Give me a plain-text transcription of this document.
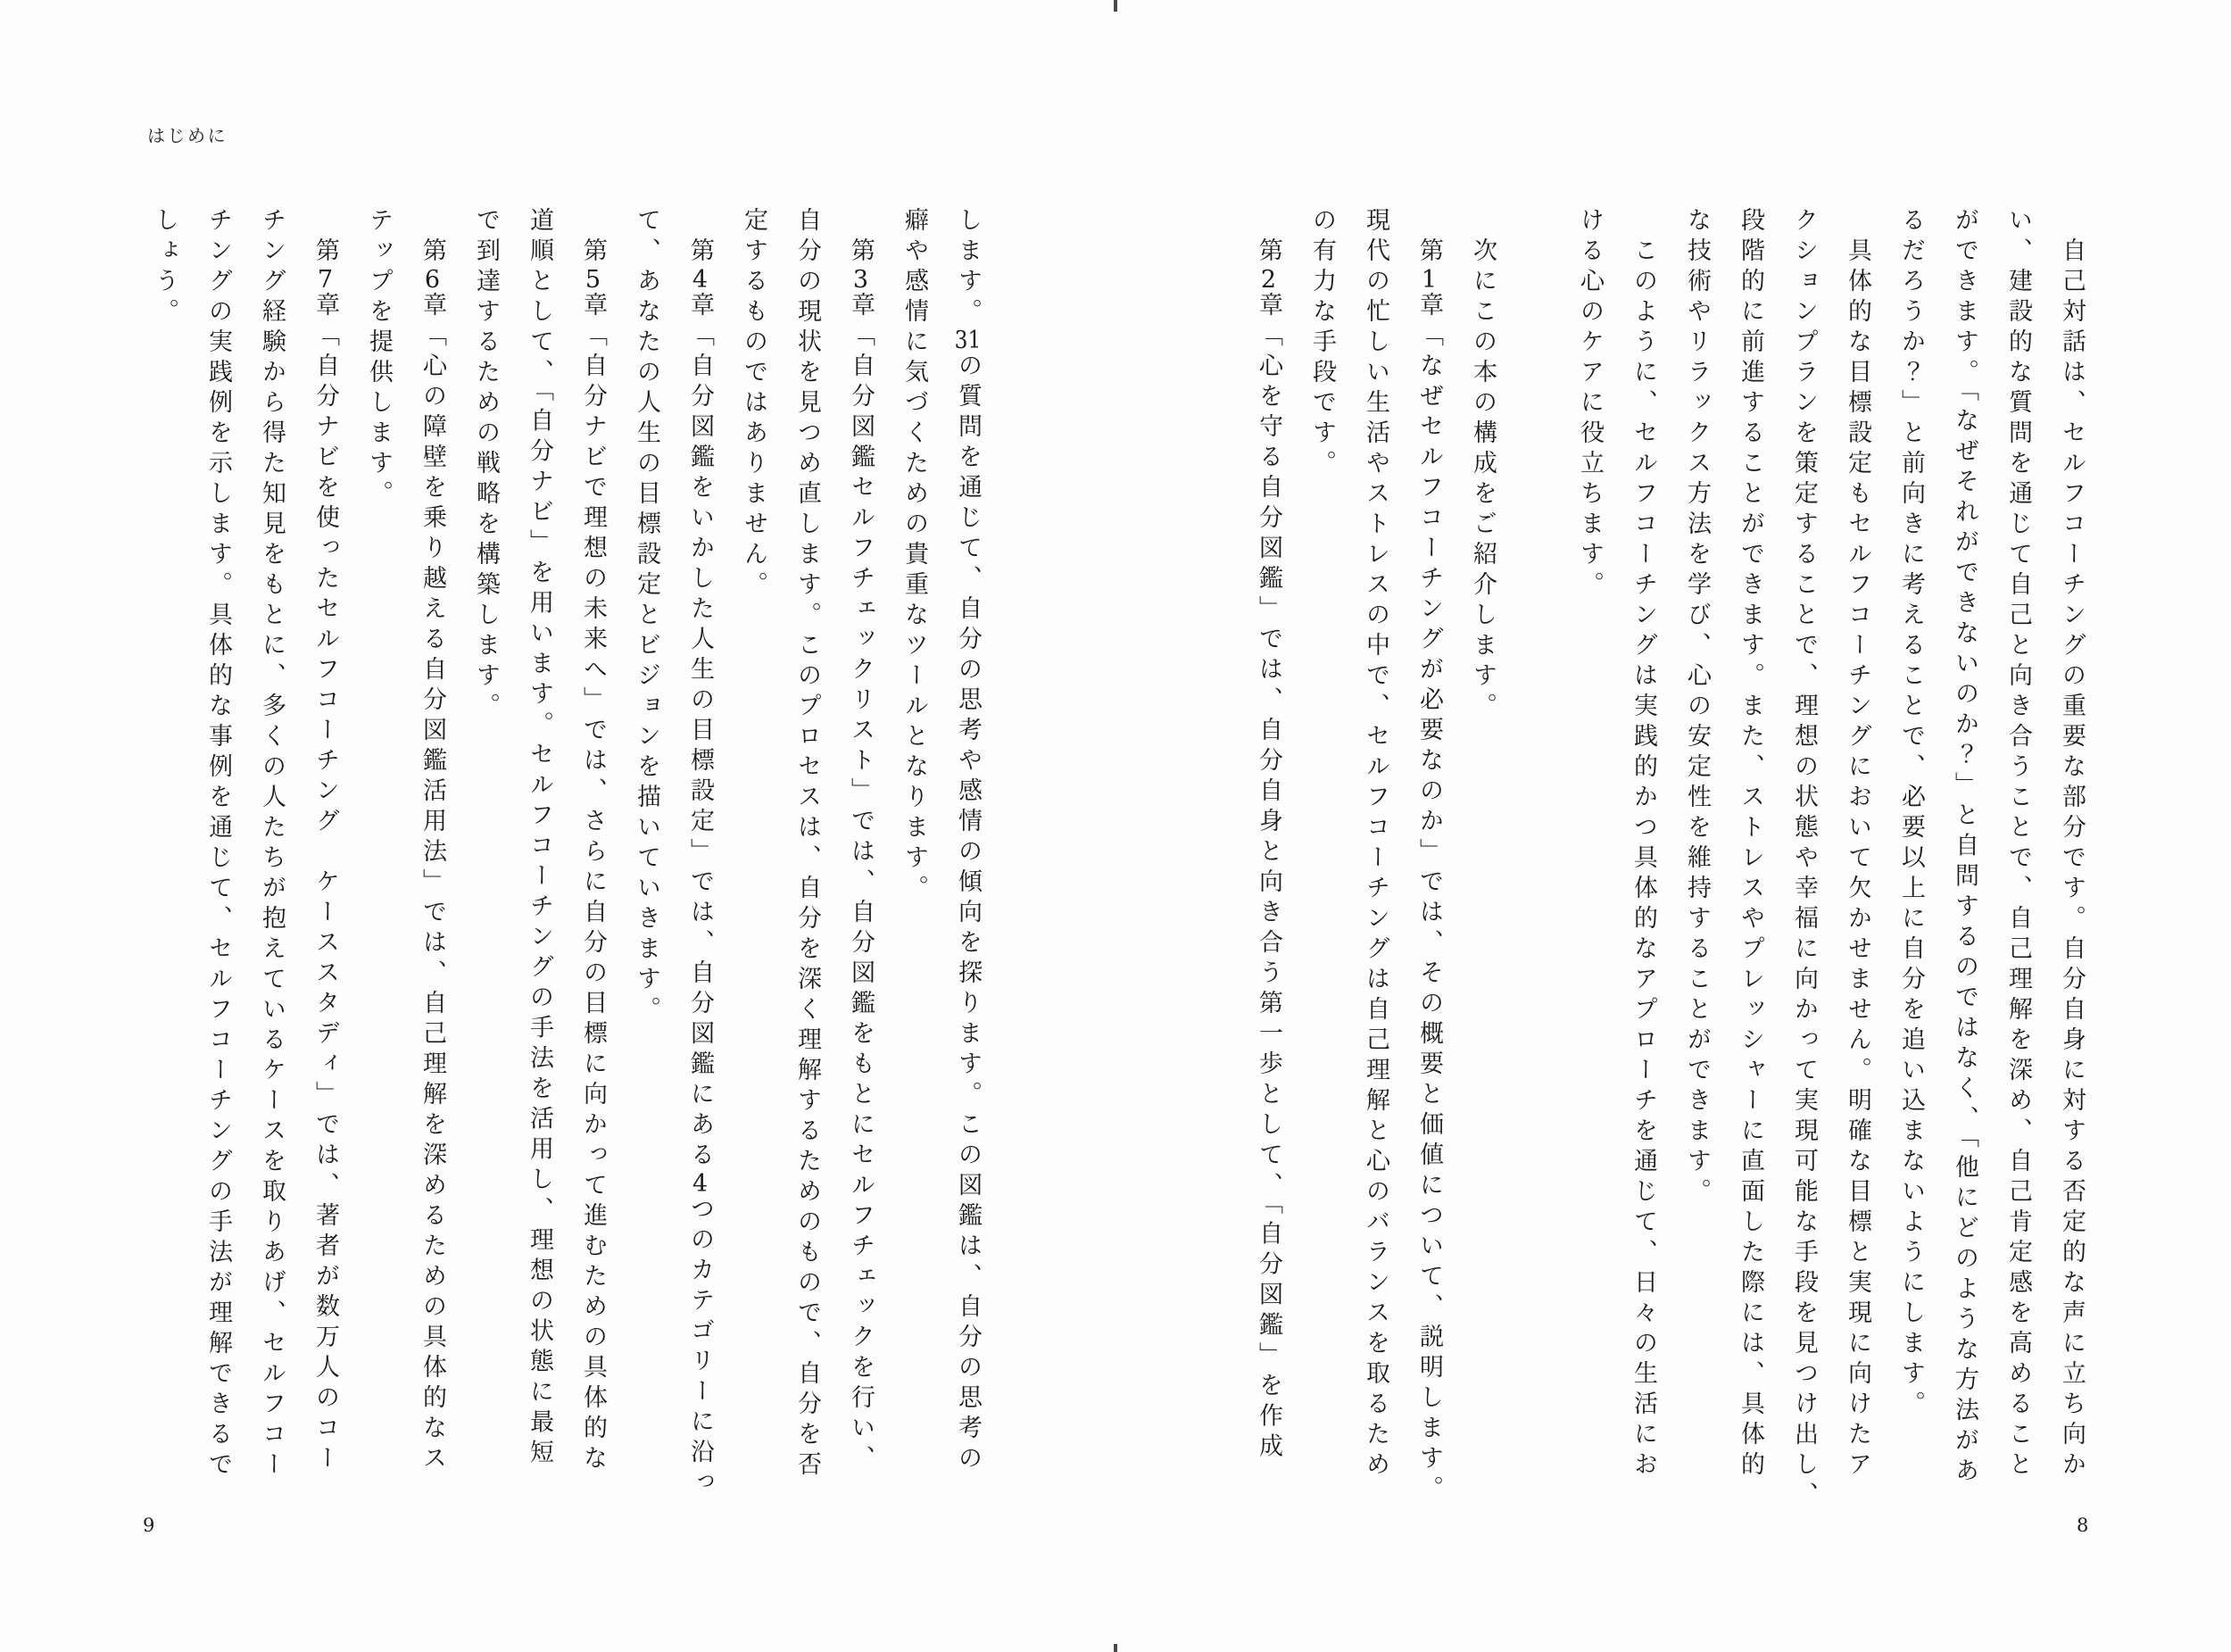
はじめに

します。31の質問を通じて、自分の思考や感情の傾向を探ります。この図鑑は、自分の思考の

癖や感情に気づくための貴重なツールとなります。

　第3章「自分図鑑セルフチェックリスト」では、自分図鑑をもとにセルフチェックを行い、

自分の現状を見つめ直します。このプロセスは、自分を深く理解するためのもので、自分を否

定するものではありません。

　第4章「自分図鑑をいかした人生の目標設定」では、自分図鑑にある4つのカテゴリーに沿っ

て、あなたの人生の目標設定とビジョンを描いていきます。

　第5章「自分ナビで理想の未来へ」では、さらに自分の目標に向かって進むための具体的な

道順として、「自分ナビ」を用います。セルフコーチングの手法を活用し、理想の状態に最短

で到達するための戦略を構築します。

　第6章「心の障壁を乗り越える自分図鑑活用法」では、自己理解を深めるための具体的なス

テップを提供します。

　第7章「自分ナビを使ったセルフコーチング　ケーススタディ」では、著者が数万人のコー

チング経験から得た知見をもとに、多くの人たちが抱えているケースを取りあげ、セルフコー

チングの実践例を示します。具体的な事例を通じて、セルフコーチングの手法が理解できるで

しょう。

9

　自己対話は、セルフコーチングの重要な部分です。自分自身に対する否定的な声に立ち向か

い、建設的な質問を通じて自己と向き合うことで、自己理解を深め、自己肯定感を高めること

ができます。「なぜそれができないのか？」と自問するのではなく、「他にどのような方法があ

るだろうか？」と前向きに考えることで、必要以上に自分を追い込まないようにします。

　具体的な目標設定もセルフコーチングにおいて欠かせません。明確な目標と実現に向けたア

クションプランを策定することで、理想の状態や幸福に向かって実現可能な手段を見つけ出し、

段階的に前進することができます。また、ストレスやプレッシャーに直面した際には、具体的

な技術やリラックス方法を学び、心の安定性を維持することができます。

　このように、セルフコーチングは実践的かつ具体的なアプローチを通じて、日々の生活にお

ける心のケアに役立ちます。

　次にこの本の構成をご紹介します。

　第1章「なぜセルフコーチングが必要なのか」では、その概要と価値について、説明します。

現代の忙しい生活やストレスの中で、セルフコーチングは自己理解と心のバランスを取るため

の有力な手段です。

　第2章「心を守る自分図鑑」では、自分自身と向き合う第一歩として、「自分図鑑」を作成

8
